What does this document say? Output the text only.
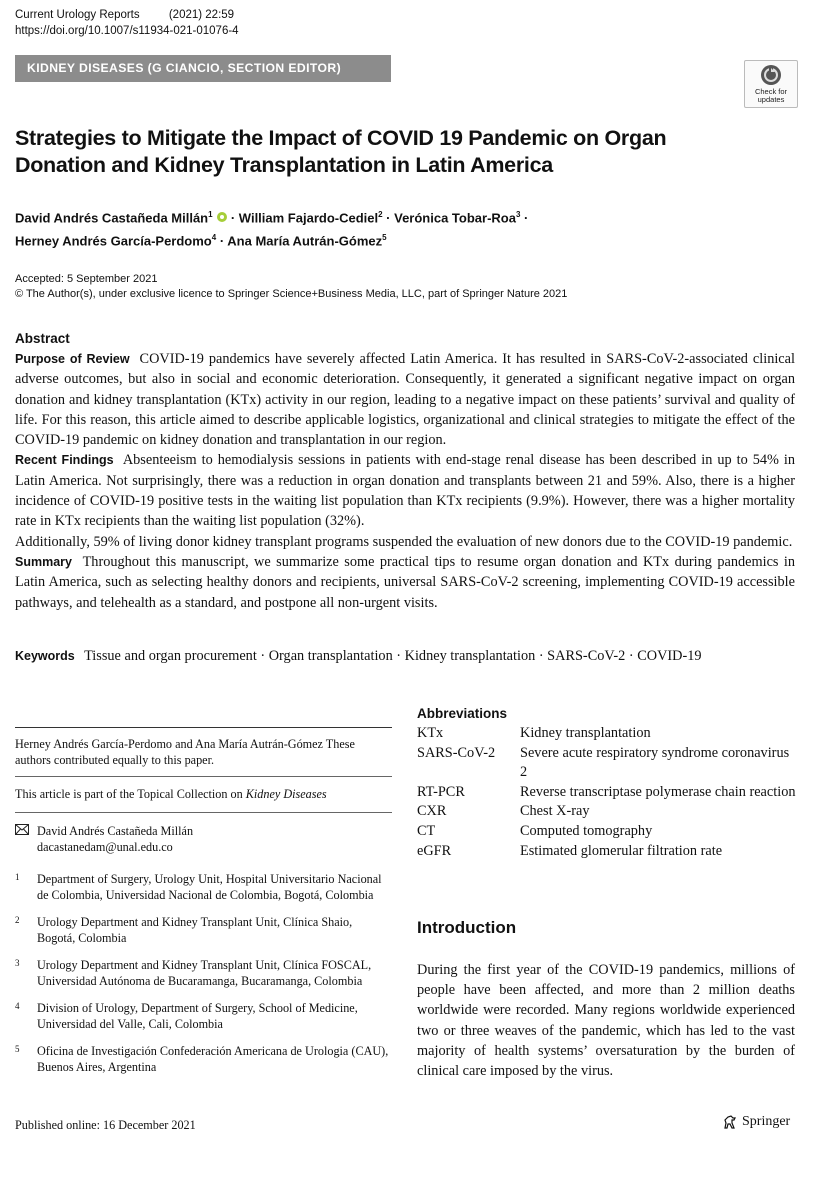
Current Urology Reports	(2021) 22:59
https://doi.org/10.1007/s11934-021-01076-4
KIDNEY DISEASES (G CIANCIO, SECTION EDITOR)
Check for
updates
Strategies to Mitigate the Impact of COVID 19 Pandemic on Organ
Donation and Kidney Transplantation in Latin America
David Andrés Castañeda Millán$^1$  · William Fajardo-Cediel$^2$ · Verónica Tobar-Roa$^3$ ·
Herney Andrés García-Perdomo$^4$ · Ana María Autrán-Gómez$^5$
Accepted: 5 September 2021
© The Author(s), under exclusive licence to Springer Science+Business Media, LLC, part of Springer Nature 2021
Abstract

Purpose of Review COVID-19 pandemics have severely affected Latin America. It has resulted in SARS-CoV-2-associated clinical adverse outcomes, but also in social and economic deterioration. Consequently, it generated a significant negative impact on organ donation and kidney transplantation (KTx) activity in our region, leading to a negative impact on these patients’ survival and quality of life. For this reason, this article aimed to describe applicable logistics, organizational and clinical strategies to mitigate the effect of the COVID-19 pandemic on kidney donation and transplantation in our region.

Recent Findings Absenteeism to hemodialysis sessions in patients with end-stage renal disease has been described in up to 54% in Latin America. Not surprisingly, there was a reduction in organ donation and transplants between 21 and 59%. Also, there is a higher incidence of COVID-19 positive tests in the waiting list population than KTx recipients (9.9%). However, there was a higher mortality rate in KTx recipients than the waiting list population (32%).

Additionally, 59% of living donor kidney transplant programs suspended the evaluation of new donors due to the COVID-19 pandemic.

Summary Throughout this manuscript, we summarize some practical tips to resume organ donation and KTx during pandemics in Latin America, such as selecting healthy donors and recipients, universal SARS-CoV-2 screening, implementing COVID-19 accessible pathways, and telehealth as a standard, and postpone all non-urgent visits.

Keywords Tissue and organ procurement · Organ transplantation · Kidney transplantation · SARS-CoV-2 · COVID-19
Herney Andrés García-Perdomo and Ana María Autrán-Gómez These authors contributed equally to this paper.
This article is part of the Topical Collection on Kidney Diseases
David Andrés Castañeda Millán
dacastanedam@unal.edu.co
1	Department of Surgery, Urology Unit, Hospital Universitario Nacional de Colombia, Universidad Nacional de Colombia, Bogotá, Colombia
2	Urology Department and Kidney Transplant Unit, Clínica Shaio, Bogotá, Colombia
3	Urology Department and Kidney Transplant Unit, Clínica FOSCAL, Universidad Autónoma de Bucaramanga, Bucaramanga, Colombia
4	Division of Urology, Department of Surgery, School of Medicine, Universidad del Valle, Cali, Colombia
5	Oficina de Investigación Confederación Americana de Urologia (CAU), Buenos Aires, Argentina
Abbreviations
KTx	Kidney transplantation
SARS-CoV-2	Severe acute respiratory syndrome coronavirus 2
RT-PCR	Reverse transcriptase polymerase chain reaction
CXR	Chest X-ray
CT	Computed tomography
eGFR	Estimated glomerular filtration rate
Introduction
During the first year of the COVID-19 pandemics, millions of people have been affected, and more than 2 million deaths worldwide were recorded. Many regions worldwide experienced two or three weaves of the pandemic, which has led to the vast majority of health systems’ oversaturation by the burden of clinical care imposed by the virus.
Published online: 16 December 2021	Springer
